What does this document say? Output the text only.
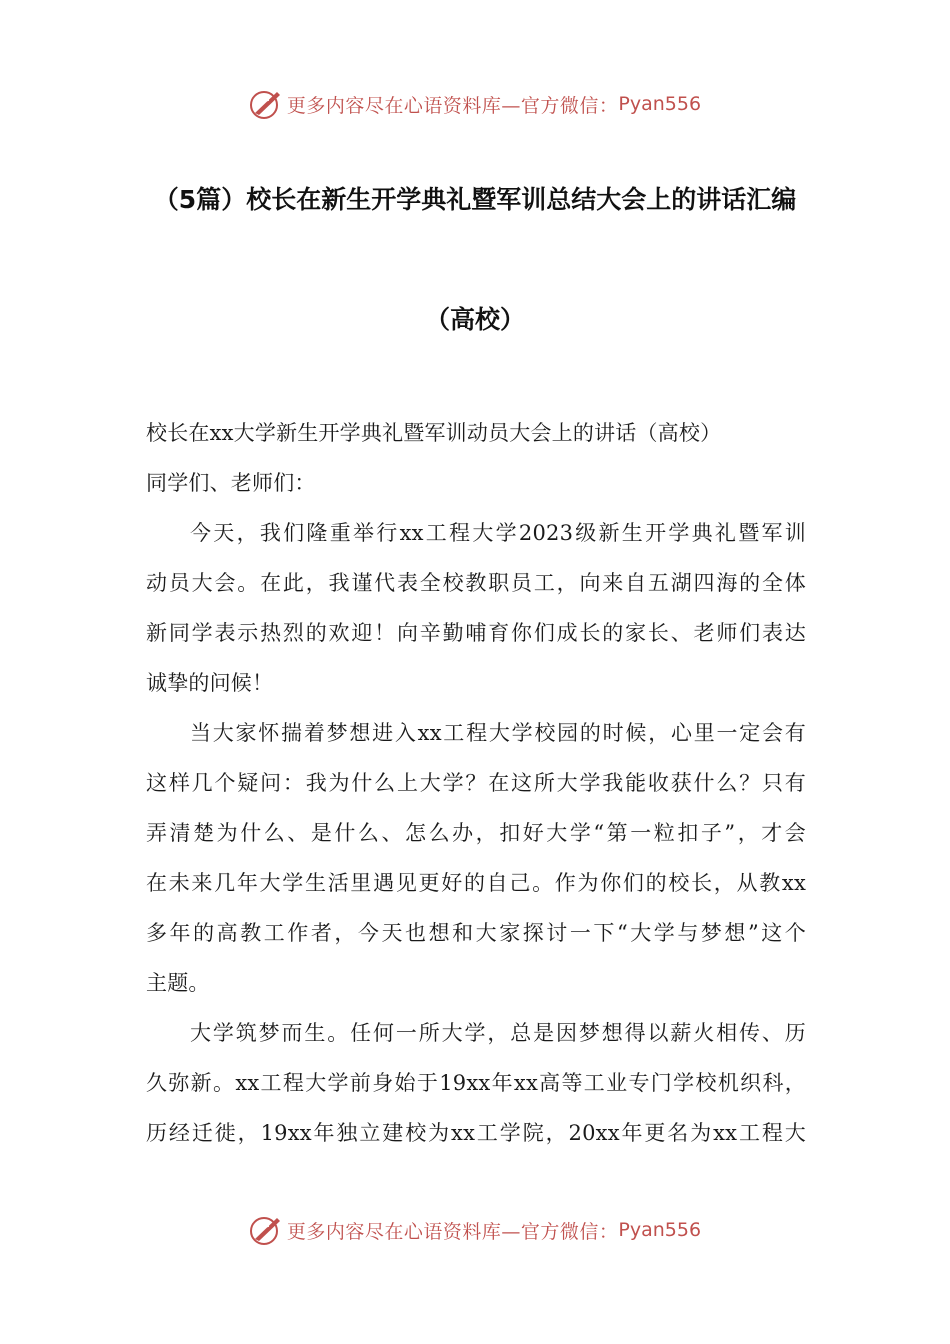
更多内容尽在心语资料库—官方微信： Pyan556
（5篇）校长在新生开学典礼暨军训总结大会上的讲话汇编
（高校）
校长在xx大学新生开学典礼暨军训动员大会上的讲话（高校）
同学们、老师们：
今天，我们隆重举行xx工程大学2023级新生开学典礼暨军训
动员大会。在此，我谨代表全校教职员工，向来自五湖四海的全体
新同学表示热烈的欢迎！向辛勤哺育你们成长的家长、老师们表达
诚挚的问候！
当大家怀揣着梦想进入xx工程大学校园的时候，心里一定会有
这样几个疑问：我为什么上大学？在这所大学我能收获什么？只有
弄清楚为什么、是什么、怎么办，扣好大学“第一粒扣子”，才会
在未来几年大学生活里遇见更好的自己。作为你们的校长，从教xx
多年的高教工作者，今天也想和大家探讨一下“大学与梦想”这个
主题。
大学筑梦而生。任何一所大学，总是因梦想得以薪火相传、历
久弥新。xx工程大学前身始于19xx年xx高等工业专门学校机织科，
历经迁徙，19xx年独立建校为xx工学院，20xx年更名为xx工程大
更多内容尽在心语资料库—官方微信： Pyan556
